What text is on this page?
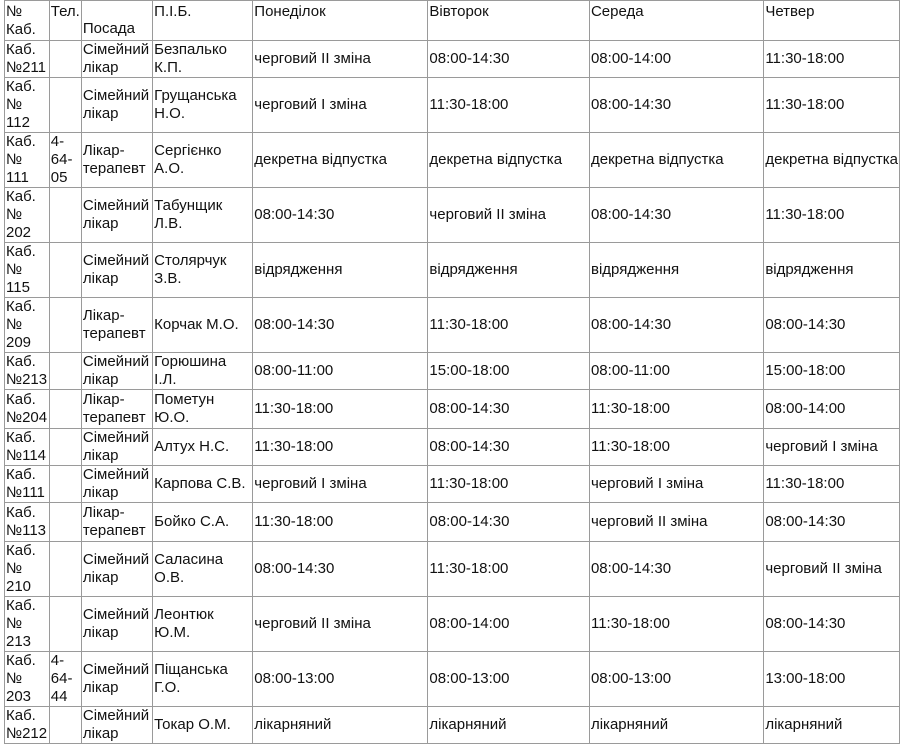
№ Каб.	Тел.	Посада	П.І.Б.	Понеділок	Вівторок	Середа	Четвер
Каб. №211		Сімейний лікар	Безпалько К.П.	черговий ІІ зміна	08:00-14:30	08:00-14:00	11:30-18:00
Каб. № 112		Сімейний лікар	Грущанська Н.О.	черговий І зміна	11:30-18:00	08:00-14:30	11:30-18:00
Каб. № 111	4-64-05	Лікар-терапевт	Сергієнко А.О.	декретна відпустка	декретна відпустка	декретна відпустка	декретна відпустка
Каб. № 202		Сімейний лікар	Табунщик Л.В.	08:00-14:30	черговий ІІ зміна	08:00-14:30	11:30-18:00
Каб. № 115		Сімейний лікар	Столярчук З.В.	відрядження	відрядження	відрядження	відрядження
Каб. № 209		Лікар-терапевт	Корчак М.О.	08:00-14:30	11:30-18:00	08:00-14:30	08:00-14:30
Каб. №213		Сімейний лікар	Горюшина І.Л.	08:00-11:00	15:00-18:00	08:00-11:00	15:00-18:00
Каб. №204		Лікар-терапевт	Пометун Ю.О.	11:30-18:00	08:00-14:30	11:30-18:00	08:00-14:00
Каб. №114		Сімейний лікар	Алтух Н.С.	11:30-18:00	08:00-14:30	11:30-18:00	черговий І зміна
Каб. №111		Сімейний лікар	Карпова С.В.	черговий І зміна	11:30-18:00	черговий І зміна	11:30-18:00
Каб. №113		Лікар-терапевт	Бойко С.А.	11:30-18:00	08:00-14:30	черговий ІІ зміна	08:00-14:30
Каб. № 210		Сімейний лікар	Саласина О.В.	08:00-14:30	11:30-18:00	08:00-14:30	черговий ІІ зміна
Каб. № 213		Сімейний лікар	Леонтюк Ю.М.	черговий ІІ зміна	08:00-14:00	11:30-18:00	08:00-14:30
Каб. № 203	4-64-44	Сімейний лікар	Піщанська Г.О.	08:00-13:00	08:00-13:00	08:00-13:00	13:00-18:00
Каб. №212		Сімейний лікар	Токар О.М.	лікарняний	лікарняний	лікарняний	лікарняний
